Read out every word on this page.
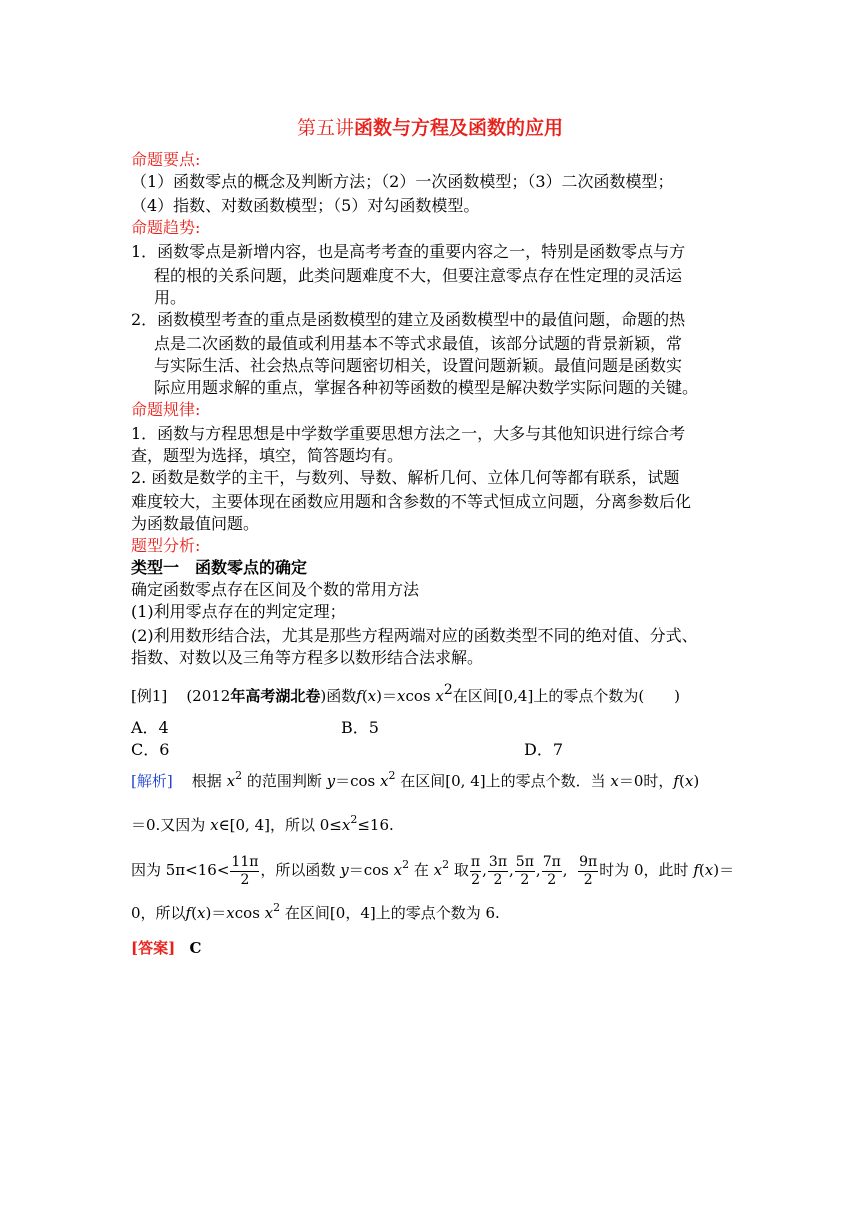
第五讲函数与方程及函数的应用
命题要点:
（1）函数零点的概念及判断方法；（2）一次函数模型；（3）二次函数模型；
（4）指数、对数函数模型；（5）对勾函数模型。
命题趋势:
1．函数零点是新增内容，也是高考考查的重要内容之一，特别是函数零点与方
程的根的关系问题，此类问题难度不大，但要注意零点存在性定理的灵活运
用。
2．函数模型考查的重点是函数模型的建立及函数模型中的最值问题，命题的热
点是二次函数的最值或利用基本不等式求最值，该部分试题的背景新颖，常
与实际生活、社会热点等问题密切相关，设置问题新颖。最值问题是函数实
际应用题求解的重点，掌握各种初等函数的模型是解决数学实际问题的关键。
命题规律:
1．函数与方程思想是中学数学重要思想方法之一，大多与其他知识进行综合考
查，题型为选择，填空，简答题均有。
2. 函数是数学的主干，与数列、导数、解析几何、立体几何等都有联系，试题
难度较大，主要体现在函数应用题和含参数的不等式恒成立问题，分离参数后化
为函数最值问题。
题型分析:
类型一　函数零点的确定
确定函数零点存在区间及个数的常用方法
(1)利用零点存在的判定定理；
(2)利用数形结合法，尤其是那些方程两端对应的函数类型不同的绝对值、分式、
指数、对数以及三角等方程多以数形结合法求解。
[例1] (2012年高考湖北卷)函数f(x)＝xcos $x^2$在区间[0,4]上的零点个数为(　　)
A．4	B．5
C．6	D．7
[解析] 根据 $x^2$ 的范围判断 y＝cos $x^2$ 在区间[0, 4]上的零点个数．当 x＝0时，f(x)
＝0.又因为 x∈[0, 4]，所以 $0\le x^2\le 16$.
因为 $5\pi<16< \frac{11\pi}{2}$ ，所以函数 y＝cos $x^2$ 在 $x^2$ 取 $\frac{\pi}{2}$ , $\frac{3\pi}{2}$ , $\frac{5\pi}{2}$ , $\frac{7\pi}{2}$ , $\frac{9\pi}{2}$ 时为 0，此时 f(x)＝
0，所以f(x)＝xcos $x^2$ 在区间[0，4]上的零点个数为 6.
[答案] C
